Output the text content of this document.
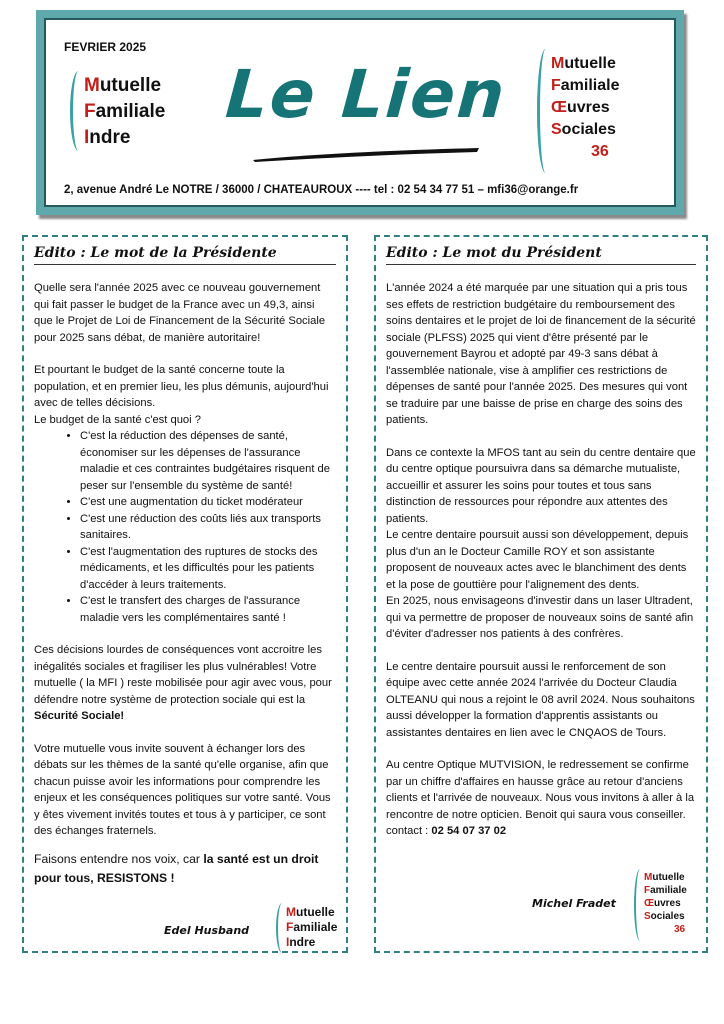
FEVRIER 2025
Mutuelle
Familiale
Indre
Le Lien	Mutuelle
Familiale
Œuvres
Sociales
36
2, avenue André Le NOTRE / 36000 / CHATEAUROUX ---- tel : 02 54 34 77 51 – mfi36@orange.fr
Edito : Le mot de la Présidente

Quelle sera l'année 2025 avec ce nouveau gouvernement qui fait passer le budget de la France avec un 49,3, ainsi que le Projet de Loi de Financement de la Sécurité Sociale pour 2025 sans débat, de manière autoritaire!

Et pourtant le budget de la santé concerne toute la population, et en premier lieu, les plus démunis, aujourd'hui avec de telles décisions.

Le budget de la santé c'est quoi ?

• C'est la réduction des dépenses de santé, économiser sur les dépenses de l'assurance maladie et ces contraintes budgétaires risquent de peser sur l'ensemble du système de santé!
• C'est une augmentation du ticket modérateur
• C'est une réduction des coûts liés aux transports sanitaires.
• C'est l'augmentation des ruptures de stocks des médicaments, et les difficultés pour les patients d'accéder à leurs traitements.
• C'est le transfert des charges de l'assurance maladie vers les complémentaires santé !

Ces décisions lourdes de conséquences vont accroitre les inégalités sociales et fragiliser les plus vulnérables! Votre mutuelle ( la MFI ) reste mobilisée pour agir avec vous, pour défendre notre système de protection sociale qui est la Sécurité Sociale!

Votre mutuelle vous invite souvent à échanger lors des débats sur les thèmes de la santé qu'elle organise, afin que chacun puisse avoir les informations pour comprendre les enjeux et les conséquences politiques sur votre santé. Vous y êtes vivement invités toutes et tous à y participer, ce sont des échanges fraternels.

Faisons entendre nos voix, car la santé est un droit pour tous, RESISTONS !

Edel Husband
Mutuelle
Familiale
Indre
Edito : Le mot du Président

L'année 2024 a été marquée par une situation qui a pris tous ses effets de restriction budgétaire du remboursement des soins dentaires et le projet de loi de financement de la sécurité sociale (PLFSS) 2025 qui vient d'être présenté par le gouvernement Bayrou et adopté par 49-3 sans débat à l'assemblée nationale, vise à amplifier ces restrictions de dépenses de santé pour l'année 2025. Des mesures qui vont se traduire par une baisse de prise en charge des soins des patients.

Dans ce contexte la MFOS tant au sein du centre dentaire que du centre optique poursuivra dans sa démarche mutualiste, accueillir et assurer les soins pour toutes et tous sans distinction de ressources pour répondre aux attentes des patients.

Le centre dentaire poursuit aussi son développement, depuis plus d'un an le Docteur Camille ROY et son assistante proposent de nouveaux actes avec le blanchiment des dents et la pose de gouttière pour l'alignement des dents.

En 2025, nous envisageons d'investir dans un laser Ultradent, qui va permettre de proposer de nouveaux soins de santé afin d'éviter d'adresser nos patients à des confrères.

Le centre dentaire poursuit aussi le renforcement de son équipe avec cette année 2024 l'arrivée du Docteur Claudia OLTEANU qui nous a rejoint le 08 avril 2024. Nous souhaitons aussi développer la formation d'apprentis assistants ou assistantes dentaires en lien avec le CNQAOS de Tours.

Au centre Optique MUTVISION, le redressement se confirme par un chiffre d'affaires en hausse grâce au retour d'anciens clients et l'arrivée de nouveaux. Nous vous invitons à aller à la rencontre de notre opticien. Benoit qui saura vous conseiller.

contact : 02 54 07 37 02

Michel Fradet
Mutuelle
Familiale
Œuvres
Sociales
36
